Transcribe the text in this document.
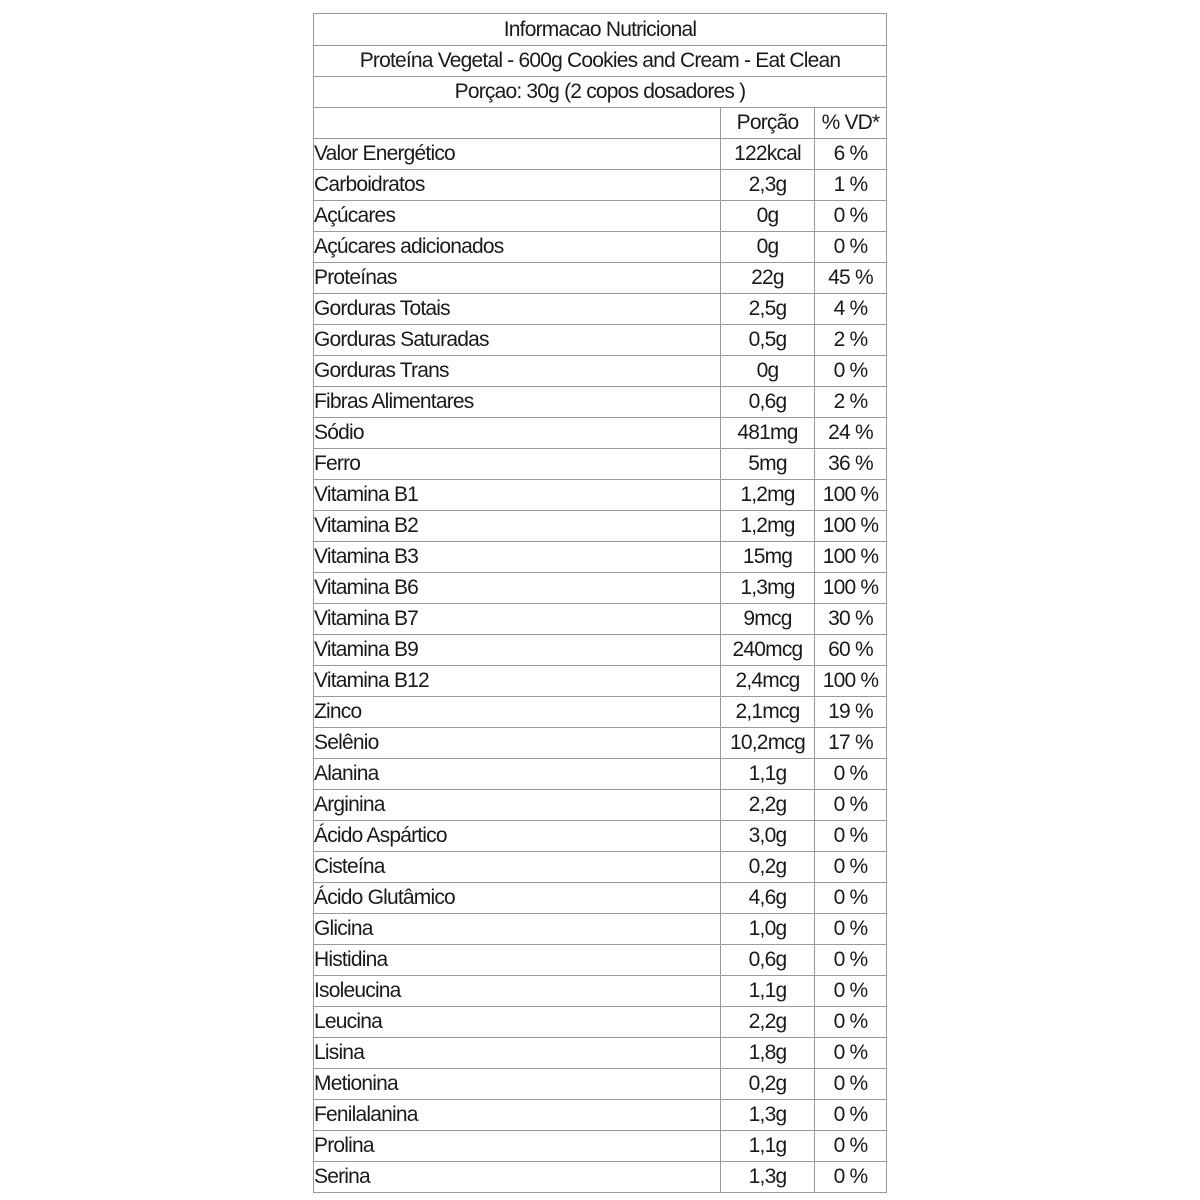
Informacao Nutricional		
Proteína Vegetal - 600g Cookies and Cream - Eat Clean		
Porçao: 30g (2 copos dosadores )		
	Porção	% VD*
Valor Energético	122kcal	6 %
Carboidratos	2,3g	1 %
Açúcares	0g	0 %
Açúcares adicionados	0g	0 %
Proteínas	22g	45 %
Gorduras Totais	2,5g	4 %
Gorduras Saturadas	0,5g	2 %
Gorduras Trans	0g	0 %
Fibras Alimentares	0,6g	2 %
Sódio	481mg	24 %
Ferro	5mg	36 %
Vitamina B1	1,2mg	100 %
Vitamina B2	1,2mg	100 %
Vitamina B3	15mg	100 %
Vitamina B6	1,3mg	100 %
Vitamina B7	9mcg	30 %
Vitamina B9	240mcg	60 %
Vitamina B12	2,4mcg	100 %
Zinco	2,1mcg	19 %
Selênio	10,2mcg	17 %
Alanina	1,1g	0 %
Arginina	2,2g	0 %
Ácido Aspártico	3,0g	0 %
Cisteína	0,2g	0 %
Ácido Glutâmico	4,6g	0 %
Glicina	1,0g	0 %
Histidina	0,6g	0 %
Isoleucina	1,1g	0 %
Leucina	2,2g	0 %
Lisina	1,8g	0 %
Metionina	0,2g	0 %
Fenilalanina	1,3g	0 %
Prolina	1,1g	0 %
Serina	1,3g	0 %
